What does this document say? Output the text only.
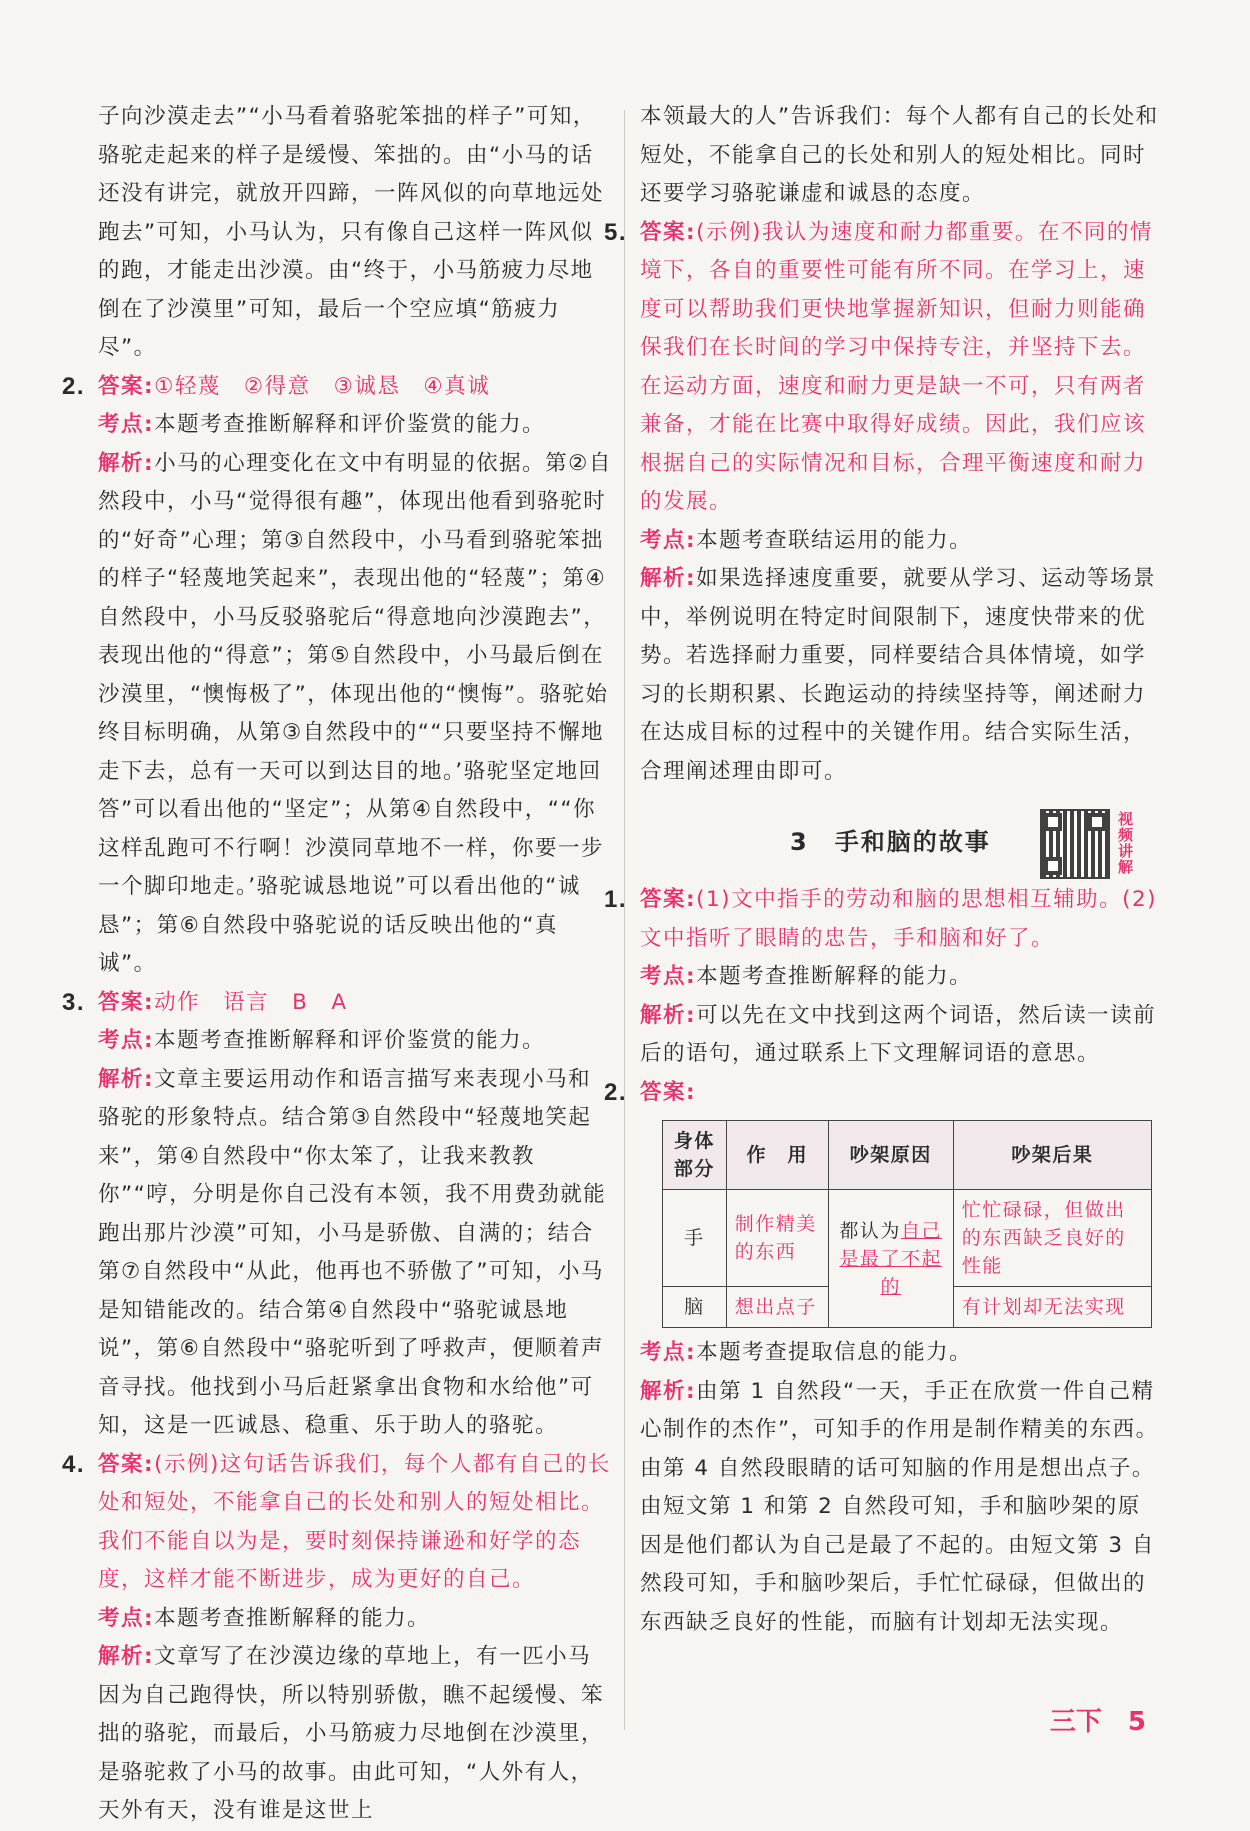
子向沙漠走去”“小马看着骆驼笨拙的样子”可知，骆驼走起来的样子是缓慢、笨拙的。由“小马的话还没有讲完，就放开四蹄，一阵风似的向草地远处跑去”可知，小马认为，只有像自己这样一阵风似的跑，才能走出沙漠。由“终于，小马筋疲力尽地倒在了沙漠里”可知，最后一个空应填“筋疲力尽”。

2. 答案:①轻蔑　②得意　③诚恳　④真诚

考点:本题考查推断解释和评价鉴赏的能力。

解析:小马的心理变化在文中有明显的依据。第②自然段中，小马“觉得很有趣”，体现出他看到骆驼时的“好奇”心理；第③自然段中，小马看到骆驼笨拙的样子“轻蔑地笑起来”，表现出他的“轻蔑”；第④自然段中，小马反驳骆驼后“得意地向沙漠跑去”，表现出他的“得意”；第⑤自然段中，小马最后倒在沙漠里，“懊悔极了”，体现出他的“懊悔”。骆驼始终目标明确，从第③自然段中的““只要坚持不懈地走下去，总有一天可以到达目的地。’骆驼坚定地回答”可以看出他的“坚定”；从第④自然段中，““你这样乱跑可不行啊！沙漠同草地不一样，你要一步一个脚印地走。’骆驼诚恳地说”可以看出他的“诚恳”；第⑥自然段中骆驼说的话反映出他的“真诚”。

3. 答案:动作　语言　B　A

考点:本题考查推断解释和评价鉴赏的能力。

解析:文章主要运用动作和语言描写来表现小马和骆驼的形象特点。结合第③自然段中“轻蔑地笑起来”，第④自然段中“你太笨了，让我来教教你”“哼，分明是你自己没有本领，我不用费劲就能跑出那片沙漠”可知，小马是骄傲、自满的；结合第⑦自然段中“从此，他再也不骄傲了”可知，小马是知错能改的。结合第④自然段中“骆驼诚恳地说”，第⑥自然段中“骆驼听到了呼救声，便顺着声音寻找。他找到小马后赶紧拿出食物和水给他”可知，这是一匹诚恳、稳重、乐于助人的骆驼。

4. 答案:(示例)这句话告诉我们，每个人都有自己的长处和短处，不能拿自己的长处和别人的短处相比。我们不能自以为是，要时刻保持谦逊和好学的态度，这样才能不断进步，成为更好的自己。

考点:本题考查推断解释的能力。

解析:文章写了在沙漠边缘的草地上，有一匹小马因为自己跑得快，所以特别骄傲，瞧不起缓慢、笨拙的骆驼，而最后，小马筋疲力尽地倒在沙漠里，是骆驼救了小马的故事。由此可知，“人外有人，天外有天，没有谁是这世上

本领最大的人”告诉我们：每个人都有自己的长处和短处，不能拿自己的长处和别人的短处相比。同时还要学习骆驼谦虚和诚恳的态度。

5. 答案:(示例)我认为速度和耐力都重要。在不同的情境下，各自的重要性可能有所不同。在学习上，速度可以帮助我们更快地掌握新知识，但耐力则能确保我们在长时间的学习中保持专注，并坚持下去。在运动方面，速度和耐力更是缺一不可，只有两者兼备，才能在比赛中取得好成绩。因此，我们应该根据自己的实际情况和目标，合理平衡速度和耐力的发展。

考点:本题考查联结运用的能力。

解析:如果选择速度重要，就要从学习、运动等场景中，举例说明在特定时间限制下，速度快带来的优势。若选择耐力重要，同样要结合具体情境，如学习的长期积累、长跑运动的持续坚持等，阐述耐力在达成目标的过程中的关键作用。结合实际生活，合理阐述理由即可。

3　 手和脑的故事
视频讲解
1. 答案:(1)文中指手的劳动和脑的思想相互辅助。(2)文中指听了眼睛的忠告，手和脑和好了。

考点:本题考查推断解释的能力。

解析:可以先在文中找到这两个词语，然后读一读前后的语句，通过联系上下文理解词语的意思。

2. 答案:

身体部分	作　用	吵架原因	吵架后果
手	制作精美的东西	都认为自己是最了不起的	忙忙碌碌，但做出的东西缺乏良好的性能
脑	想出点子		有计划却无法实现

考点:本题考查提取信息的能力。

解析:由第 1 自然段“一天，手正在欣赏一件自己精心制作的杰作”，可知手的作用是制作精美的东西。由第 4 自然段眼睛的话可知脑的作用是想出点子。由短文第 1 和第 2 自然段可知，手和脑吵架的原因是他们都认为自己是最了不起的。由短文第 3 自然段可知，手和脑吵架后，手忙忙碌碌，但做出的东西缺乏良好的性能，而脑有计划却无法实现。

三下　5
